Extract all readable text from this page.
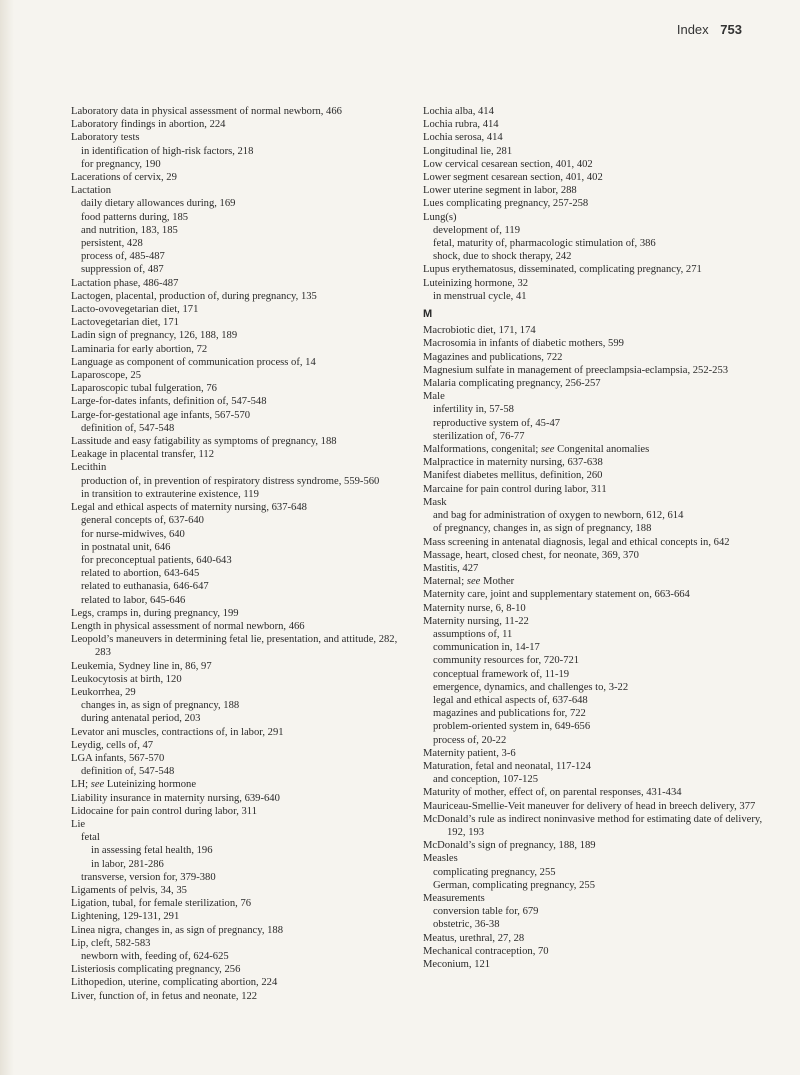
Index 753
Laboratory data in physical assessment of normal newborn, 466
Laboratory findings in abortion, 224
Laboratory tests
in identification of high-risk factors, 218
for pregnancy, 190
Lacerations of cervix, 29
Lactation
daily dietary allowances during, 169
food patterns during, 185
and nutrition, 183, 185
persistent, 428
process of, 485-487
suppression of, 487
Lactation phase, 486-487
Lactogen, placental, production of, during pregnancy, 135
Lacto-ovovegetarian diet, 171
Lactovegetarian diet, 171
Ladin sign of pregnancy, 126, 188, 189
Laminaria for early abortion, 72
Language as component of communication process of, 14
Laparoscope, 25
Laparoscopic tubal fulgeration, 76
Large-for-dates infants, definition of, 547-548
Large-for-gestational age infants, 567-570
definition of, 547-548
Lassitude and easy fatigability as symptoms of pregnancy, 188
Leakage in placental transfer, 112
Lecithin
production of, in prevention of respiratory distress syndrome, 559-560
in transition to extrauterine existence, 119
Legal and ethical aspects of maternity nursing, 637-648
general concepts of, 637-640
for nurse-midwives, 640
in postnatal unit, 646
for preconceptual patients, 640-643
related to abortion, 643-645
related to euthanasia, 646-647
related to labor, 645-646
Legs, cramps in, during pregnancy, 199
Length in physical assessment of normal newborn, 466
Leopold’s maneuvers in determining fetal lie, presentation, and attitude, 282, 283
Leukemia, Sydney line in, 86, 97
Leukocytosis at birth, 120
Leukorrhea, 29
changes in, as sign of pregnancy, 188
during antenatal period, 203
Levator ani muscles, contractions of, in labor, 291
Leydig, cells of, 47
LGA infants, 567-570
definition of, 547-548
LH; see Luteinizing hormone
Liability insurance in maternity nursing, 639-640
Lidocaine for pain control during labor, 311
Lie
fetal
in assessing fetal health, 196
in labor, 281-286
transverse, version for, 379-380
Ligaments of pelvis, 34, 35
Ligation, tubal, for female sterilization, 76
Lightening, 129-131, 291
Linea nigra, changes in, as sign of pregnancy, 188
Lip, cleft, 582-583
newborn with, feeding of, 624-625
Listeriosis complicating pregnancy, 256
Lithopedion, uterine, complicating abortion, 224
Liver, function of, in fetus and neonate, 122
Lochia alba, 414
Lochia rubra, 414
Lochia serosa, 414
Longitudinal lie, 281
Low cervical cesarean section, 401, 402
Lower segment cesarean section, 401, 402
Lower uterine segment in labor, 288
Lues complicating pregnancy, 257-258
Lung(s)
development of, 119
fetal, maturity of, pharmacologic stimulation of, 386
shock, due to shock therapy, 242
Lupus erythematosus, disseminated, complicating pregnancy, 271
Luteinizing hormone, 32
in menstrual cycle, 41
M
Macrobiotic diet, 171, 174
Macrosomia in infants of diabetic mothers, 599
Magazines and publications, 722
Magnesium sulfate in management of preeclampsia-eclampsia, 252-253
Malaria complicating pregnancy, 256-257
Male
infertility in, 57-58
reproductive system of, 45-47
sterilization of, 76-77
Malformations, congenital; see Congenital anomalies
Malpractice in maternity nursing, 637-638
Manifest diabetes mellitus, definition, 260
Marcaine for pain control during labor, 311
Mask
and bag for administration of oxygen to newborn, 612, 614
of pregnancy, changes in, as sign of pregnancy, 188
Mass screening in antenatal diagnosis, legal and ethical concepts in, 642
Massage, heart, closed chest, for neonate, 369, 370
Mastitis, 427
Maternal; see Mother
Maternity care, joint and supplementary statement on, 663-664
Maternity nurse, 6, 8-10
Maternity nursing, 11-22
assumptions of, 11
communication in, 14-17
community resources for, 720-721
conceptual framework of, 11-19
emergence, dynamics, and challenges to, 3-22
legal and ethical aspects of, 637-648
magazines and publications for, 722
problem-oriented system in, 649-656
process of, 20-22
Maternity patient, 3-6
Maturation, fetal and neonatal, 117-124
and conception, 107-125
Maturity of mother, effect of, on parental responses, 431-434
Mauriceau-Smellie-Veit maneuver for delivery of head in breech delivery, 377
McDonald’s rule as indirect noninvasive method for estimating date of delivery, 192, 193
McDonald’s sign of pregnancy, 188, 189
Measles
complicating pregnancy, 255
German, complicating pregnancy, 255
Measurements
conversion table for, 679
obstetric, 36-38
Meatus, urethral, 27, 28
Mechanical contraception, 70
Meconium, 121
